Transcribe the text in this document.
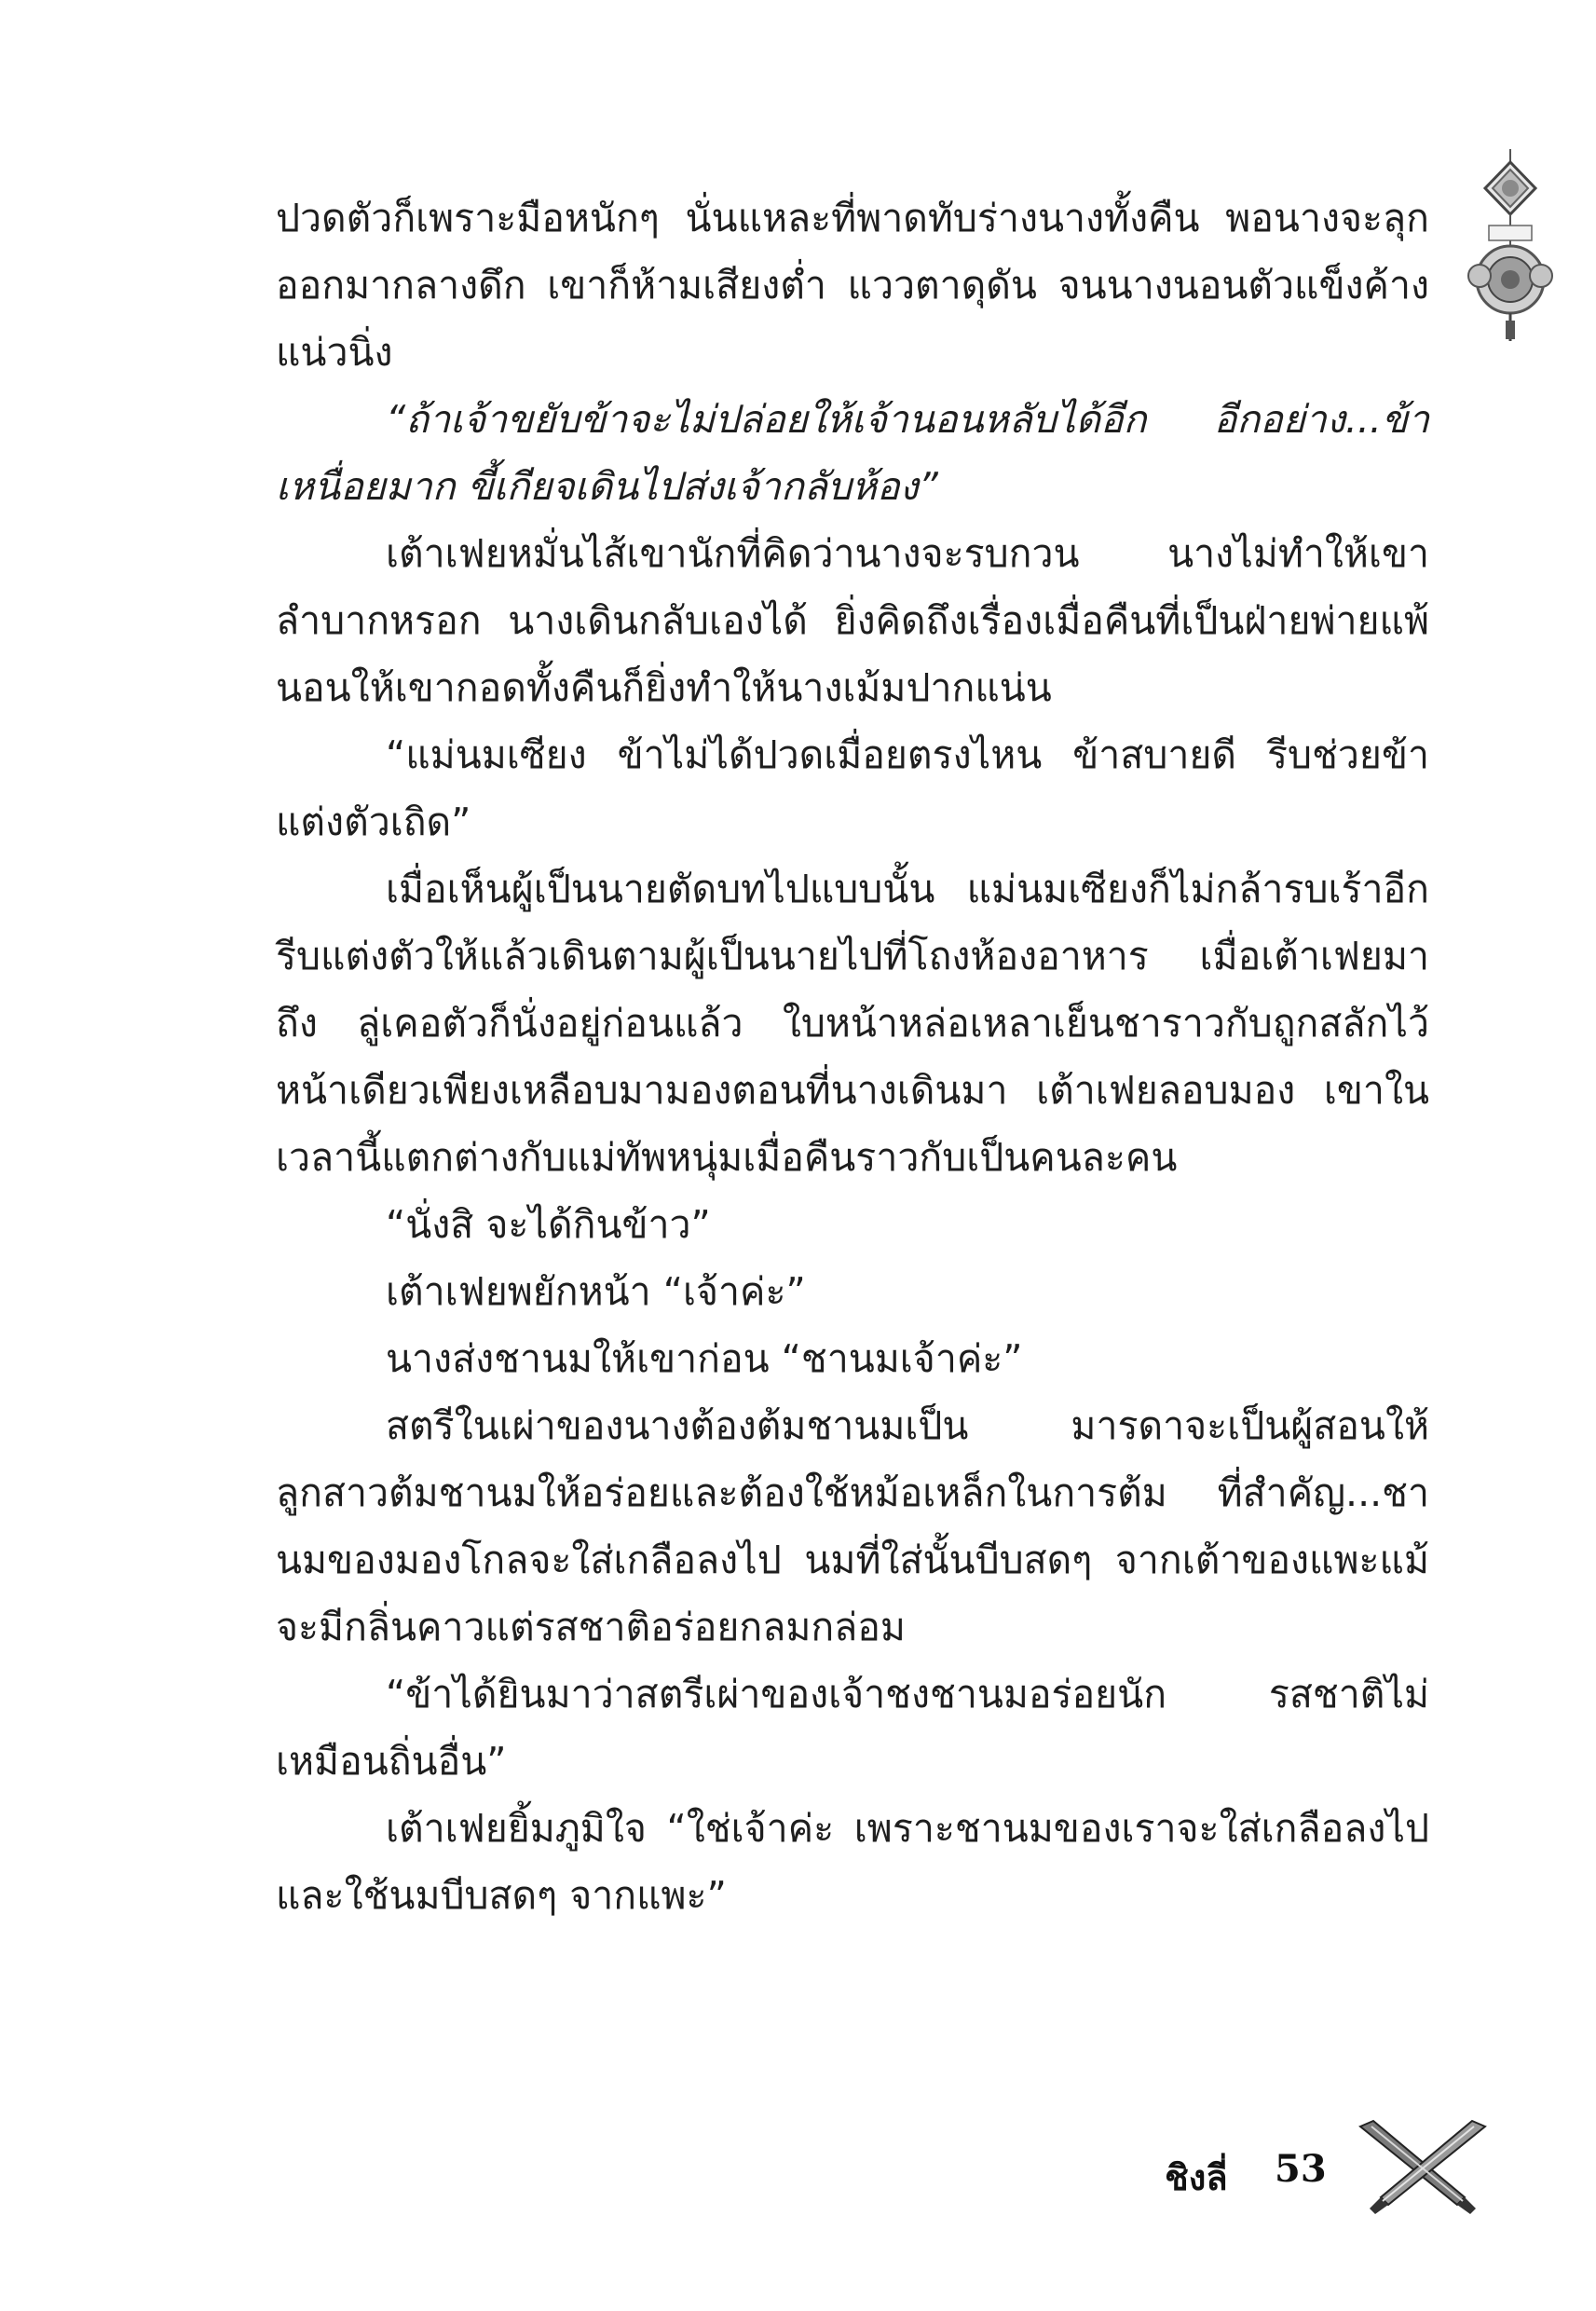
ปวดตัวก็เพราะมือหนักๆ นั่นแหละที่พาดทับร่างนางทั้งคืน พอนางจะลุกออกมากลางดึก เขาก็ห้ามเสียงต่ำ แววตาดุดัน จนนางนอนตัวแข็งค้างแน่วนิ่ง

“ถ้าเจ้าขยับข้าจะไม่ปล่อยให้เจ้านอนหลับได้อีก อีกอย่าง...ข้าเหนื่อยมาก ขี้เกียจเดินไปส่งเจ้ากลับห้อง”

เต้าเฟยหมั่นไส้เขานักที่คิดว่านางจะรบกวน นางไม่ทำให้เขาลำบากหรอก นางเดินกลับเองได้ ยิ่งคิดถึงเรื่องเมื่อคืนที่เป็นฝ่ายพ่ายแพ้นอนให้เขากอดทั้งคืนก็ยิ่งทำให้นางเม้มปากแน่น

“แม่นมเซียง ข้าไม่ได้ปวดเมื่อยตรงไหน ข้าสบายดี รีบช่วยข้าแต่งตัวเถิด”

เมื่อเห็นผู้เป็นนายตัดบทไปแบบนั้น แม่นมเซียงก็ไม่กล้ารบเร้าอีก รีบแต่งตัวให้แล้วเดินตามผู้เป็นนายไปที่โถงห้องอาหาร เมื่อเต้าเฟยมาถึง ลู่เคอตัวก็นั่งอยู่ก่อนแล้ว ใบหน้าหล่อเหลาเย็นชาราวกับถูกสลักไว้ หน้าเดียวเพียงเหลือบมามองตอนที่นางเดินมา เต้าเฟยลอบมอง เขาในเวลานี้แตกต่างกับแม่ทัพหนุ่มเมื่อคืนราวกับเป็นคนละคน

“นั่งสิ จะได้กินข้าว”

เต้าเฟยพยักหน้า “เจ้าค่ะ”

นางส่งชานมให้เขาก่อน “ชานมเจ้าค่ะ”

สตรีในเผ่าของนางต้องต้มชานมเป็น มารดาจะเป็นผู้สอนให้ลูกสาวต้มชานมให้อร่อยและต้องใช้หม้อเหล็กในการต้ม ที่สำคัญ...ชานมของมองโกลจะใส่เกลือลงไป นมที่ใส่นั้นบีบสดๆ จากเต้าของแพะแม้จะมีกลิ่นคาวแต่รสชาติอร่อยกลมกล่อม

“ข้าได้ยินมาว่าสตรีเผ่าของเจ้าชงชานมอร่อยนัก รสชาติไม่เหมือนถิ่นอื่น”

เต้าเฟยยิ้มภูมิใจ “ใช่เจ้าค่ะ เพราะชานมของเราจะใส่เกลือลงไปและใช้นมบีบสดๆ จากแพะ”

ชิงลี่ 53
